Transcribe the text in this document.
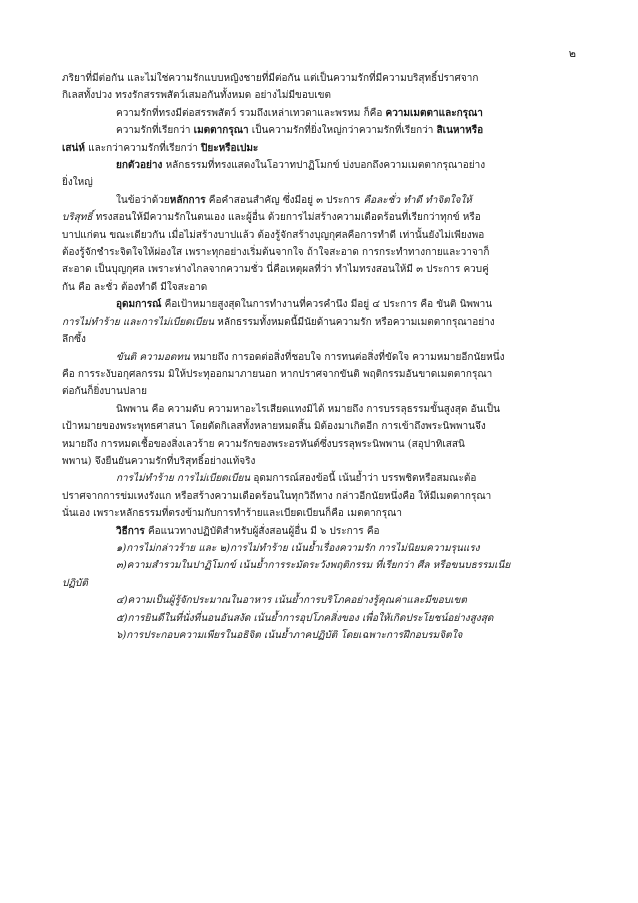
๒

ภริยาที่มีต่อกัน และไม่ใช่ความรักแบบหญิงชายที่มีต่อกัน แต่เป็นความรักที่มีความบริสุทธิ์ปราศจาก

กิเลสทั้งปวง ทรงรักสรรพสัตว์เสมอกันทั้งหมด อย่างไม่มีขอบเขต

ความรักที่ทรงมีต่อสรรพสัตว์ รวมถึงเหล่าเทวดาและพรหม ก็คือ ความเมตตาและกรุณา

ความรักที่เรียกว่า เมตตากรุณา เป็นความรักที่ยิ่งใหญ่กว่าความรักที่เรียกว่า สิเนหาหรือ

เสน่ห์ และกว่าความรักที่เรียกว่า ปิยะหรือเปมะ

ยกตัวอย่าง หลักธรรมที่ทรงแสดงในโอวาทปาฏิโมกข์ บ่งบอกถึงความเมตตากรุณาอย่าง

ยิ่งใหญ่

ในข้อว่าด้วยหลักการ คือคำสอนสำคัญ ซึ่งมีอยู่ ๓ ประการ คือละชั่ว ทำดี ทำจิตใจให้

บริสุทธิ์ ทรงสอนให้มีความรักในตนเอง และผู้อื่น ด้วยการไม่สร้างความเดือดร้อนที่เรียกว่าทุกข์ หรือ

บาปแก่ตน ขณะเดียวกัน เมื่อไม่สร้างบาปแล้ว ต้องรู้จักสร้างบุญกุศลคือการทำดี เท่านั้นยังไม่เพียงพอ

ต้องรู้จักชำระจิตใจให้ผ่องใส เพราะทุกอย่างเริ่มต้นจากใจ ถ้าใจสะอาด การกระทำทางกายและวาจาก็

สะอาด เป็นบุญกุศล เพราะห่างไกลจากความชั่ว นี่คือเหตุผลที่ว่า ทำไมทรงสอนให้มี ๓ ประการ ควบคู่

กัน คือ ละชั่ว ต้องทำดี มีใจสะอาด

อุดมการณ์ คือเป้าหมายสูงสุดในการทำงานที่ควรคำนึง มีอยู่ ๔ ประการ คือ ขันติ นิพพาน

การไม่ทำร้าย และการไม่เบียดเบียน หลักธรรมทั้งหมดนี้มีนัยด้านความรัก หรือความเมตตากรุณาอย่าง

ลึกซึ้ง

ขันติ ความอดทน หมายถึง การอดต่อสิ่งที่ชอบใจ การทนต่อสิ่งที่ขัดใจ ความหมายอีกนัยหนึ่ง

คือ การระงับอกุศลกรรม มิให้ประทุออกมาภายนอก หากปราศจากขันติ พฤติกรรมอันขาดเมตตากรุณา

ต่อกันก็ยิ่งบานปลาย

นิพพาน คือ ความดับ ความหาอะไรเสียดแทงมิได้ หมายถึง การบรรลุธรรมขั้นสูงสุด อันเป็น

เป้าหมายของพระพุทธศาสนา โดยตัดกิเลสทั้งหลายหมดสิ้น มิต้องมาเกิดอีก การเข้าถึงพระนิพพานจึง

หมายถึง การหมดเชื้อของสิ่งเลวร้าย ความรักของพระอรหันต์ซึ่งบรรลุพระนิพพาน (สอุปาทิเสสนิ

พพาน) จึงยืนยันความรักที่บริสุทธิ์อย่างแท้จริง

การไม่ทำร้าย การไม่เบียดเบียน อุดมการณ์สองข้อนี้ เน้นย้ำว่า บรรพชิตหรือสมณะต้อ

ปราศจากการข่มเหงรังแก หรือสร้างความเดือดร้อนในทุกวิถีทาง กล่าวอีกนัยหนึ่งคือ ให้มีเมตตากรุณา

นั่นเอง เพราะหลักธรรมที่ตรงข้ามกับการทำร้ายและเบียดเบียนก็คือ เมตตากรุณา

วิธีการ คือแนวทางปฏิบัติสำหรับผู้สั่งสอนผู้อื่น มี ๖ ประการ คือ

๑)การไม่กล่าวร้าย และ ๒)การไม่ทำร้าย เน้นย้ำเรื่องความรัก การไม่นิยมความรุนแรง

๓)ความสำรวมในปาฏิโมกข์ เน้นย้ำการระมัดระวังพฤติกรรม ที่เรียกว่า ศีล หรือขนบธรรมเนีย

ปฏิบัติ

๔)ความเป็นผู้รู้จักประมาณในอาหาร เน้นย้ำการบริโภคอย่างรู้คุณค่าและมีขอบเขต

๕)การยินดีในที่นั่งที่นอนอันสงัด เน้นย้ำการอุปโภคสิ่งของ เพื่อให้เกิดประโยชน์อย่างสูงสุด

๖)การประกอบความเพียรในอธิจิต เน้นย้ำภาคปฏิบัติ โดยเฉพาะการฝึกอบรมจิตใจ
